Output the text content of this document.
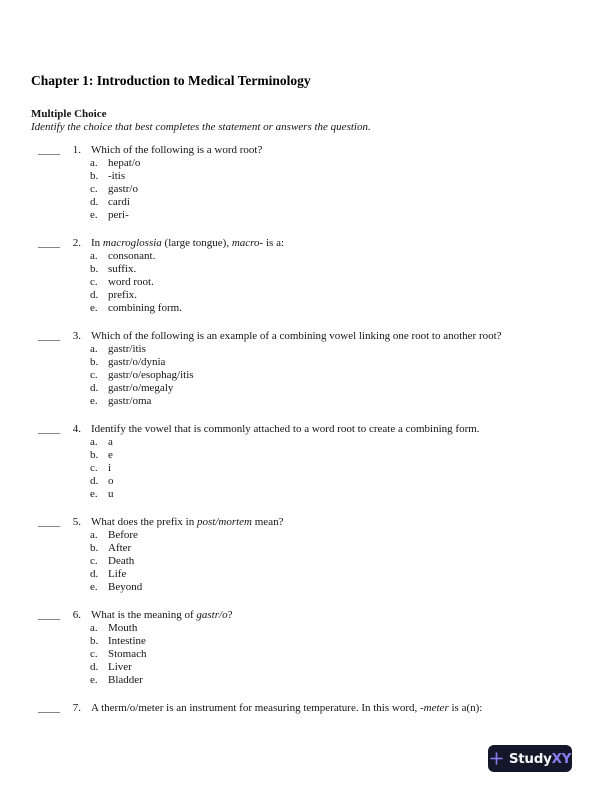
Chapter 1: Introduction to Medical Terminology
Multiple Choice
Identify the choice that best completes the statement or answers the question.
____	1. Which of the following is a word root?
a. hepat/o
b. -itis
c. gastr/o
d. cardi
e. peri-
____	2. In macroglossia (large tongue), macro- is a:
a. consonant.
b. suffix.
c. word root.
d. prefix.
e. combining form.
____	3. Which of the following is an example of a combining vowel linking one root to another root?
a. gastr/itis
b. gastr/o/dynia
c. gastr/o/esophag/itis
d. gastr/o/megaly
e. gastr/oma
____	4. Identify the vowel that is commonly attached to a word root to create a combining form.
a. a
b. e
c. i
d. o
e. u
____	5. What does the prefix in post/mortem mean?
a. Before
b. After
c. Death
d. Life
e. Beyond
____	6. What is the meaning of gastr/o?
a. Mouth
b. Intestine
c. Stomach
d. Liver
e. Bladder
____	7. A therm/o/meter is an instrument for measuring temperature. In this word, -meter is a(n):
StudyXY
